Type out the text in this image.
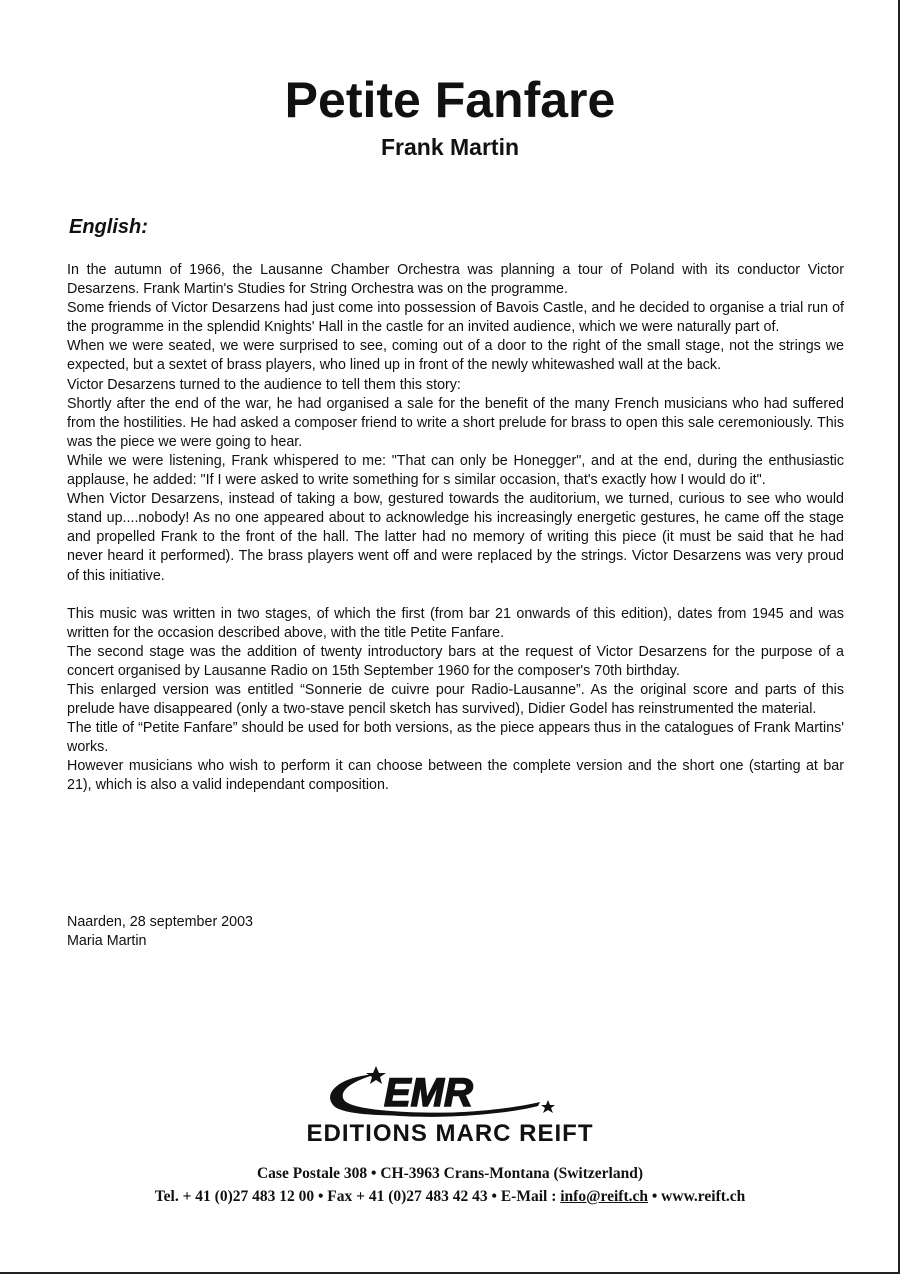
Petite Fanfare
Frank Martin
English:

In the autumn of 1966, the Lausanne Chamber Orchestra was planning a tour of Poland with its conductor Victor Desarzens. Frank Martin's Studies for String Orchestra was on the programme.

Some friends of Victor Desarzens had just come into possession of Bavois Castle, and he decided to organise a trial run of the programme in the splendid Knights' Hall in the castle for an invited audience, which we were naturally part of.

When we were seated, we were surprised to see, coming out of a door to the right of the small stage, not the strings we expected, but a sextet of brass players, who lined up in front of the newly whitewashed wall at the back.

Victor Desarzens turned to the audience to tell them this story:

Shortly after the end of the war, he had organised a sale for the benefit of the many French musicians who had suffered from the hostilities. He had asked a composer friend to write a short prelude for brass to open this sale ceremoniously. This was the piece we were going to hear.

While we were listening, Frank whispered to me: "That can only be Honegger", and at the end, during the enthusiastic applause, he added: "If I were asked to write something for s similar occasion, that's exactly how I would do it".

When Victor Desarzens, instead of taking a bow, gestured towards the auditorium, we turned, curious to see who would stand up....nobody! As no one appeared about to acknowledge his increasingly energetic gestures, he came off the stage and propelled Frank to the front of the hall. The latter had no memory of writing this piece (it must be said that he had never heard it performed). The brass players went off and were replaced by the strings. Victor Desarzens was very proud of this initiative.

This music was written in two stages, of which the first (from bar 21 onwards of this edition), dates from 1945 and was written for the occasion described above, with the title Petite Fanfare.

The second stage was the addition of twenty introductory bars at the request of Victor Desarzens for the purpose of a concert organised by Lausanne Radio on 15th September 1960 for the composer's 70th birthday.

This enlarged version was entitled “Sonnerie de cuivre pour Radio-Lausanne”. As the original score and parts of this prelude have disappeared (only a two-stave pencil sketch has survived), Didier Godel has reinstrumented the material.

The title of “Petite Fanfare” should be used for both versions, as the piece appears thus in the catalogues of Frank Martins' works.

However musicians who wish to perform it can choose between the complete version and the short one (starting at bar 21), which is also a valid independant composition.

Naarden, 28 september 2003
Maria Martin
EMR
EDITIONS MARC REIFT
Case Postale 308 • CH-3963 Crans-Montana (Switzerland)
Tel. + 41 (0)27 483 12 00 • Fax + 41 (0)27 483 42 43 • E-Mail : info@reift.ch • www.reift.ch
